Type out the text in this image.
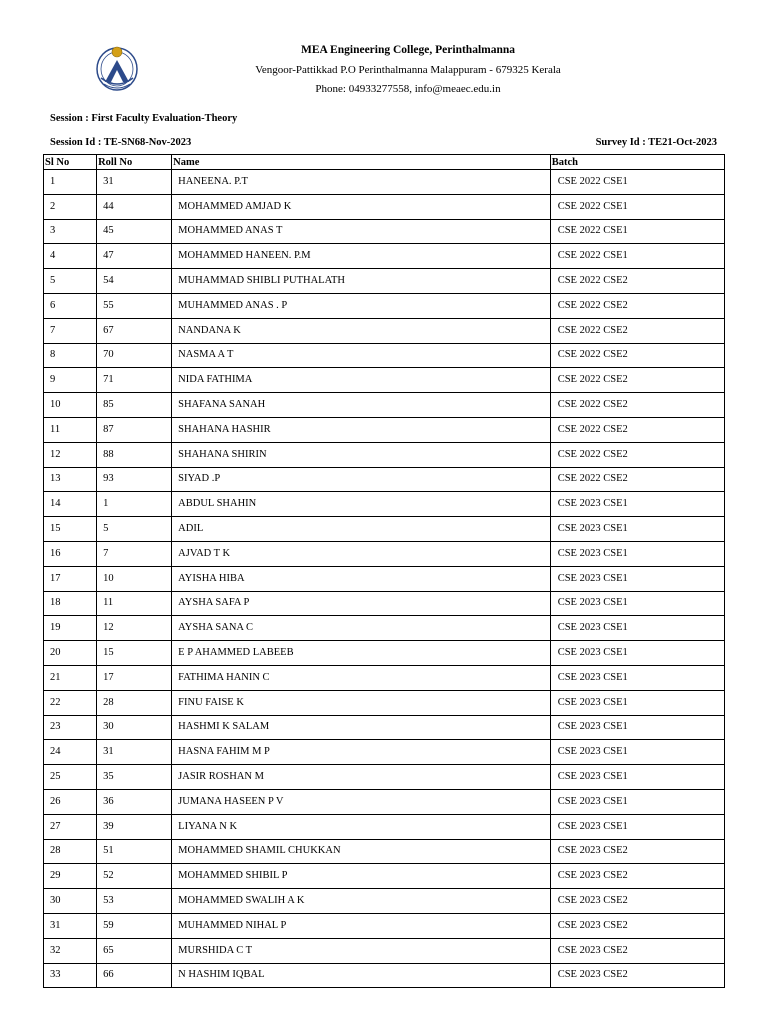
MEA Engineering College, Perinthalmanna
Vengoor-Pattikkad P.O Perinthalmanna Malappuram - 679325 Kerala
Phone: 04933277558, info@meaec.edu.in
Session : First Faculty Evaluation-Theory
Session Id : TE-SN68-Nov-2023	Survey Id : TE21-Oct-2023
Sl No	Roll No	Name	Batch
1	31	HANEENA. P.T	CSE 2022 CSE1
2	44	MOHAMMED AMJAD K	CSE 2022 CSE1
3	45	MOHAMMED ANAS T	CSE 2022 CSE1
4	47	MOHAMMED HANEEN. P.M	CSE 2022 CSE1
5	54	MUHAMMAD SHIBLI PUTHALATH	CSE 2022 CSE2
6	55	MUHAMMED ANAS . P	CSE 2022 CSE2
7	67	NANDANA K	CSE 2022 CSE2
8	70	NASMA A T	CSE 2022 CSE2
9	71	NIDA FATHIMA	CSE 2022 CSE2
10	85	SHAFANA SANAH	CSE 2022 CSE2
11	87	SHAHANA HASHIR	CSE 2022 CSE2
12	88	SHAHANA SHIRIN	CSE 2022 CSE2
13	93	SIYAD .P	CSE 2022 CSE2
14	1	ABDUL SHAHIN	CSE 2023 CSE1
15	5	ADIL	CSE 2023 CSE1
16	7	AJVAD T K	CSE 2023 CSE1
17	10	AYISHA HIBA	CSE 2023 CSE1
18	11	AYSHA SAFA P	CSE 2023 CSE1
19	12	AYSHA SANA C	CSE 2023 CSE1
20	15	E P AHAMMED LABEEB	CSE 2023 CSE1
21	17	FATHIMA HANIN C	CSE 2023 CSE1
22	28	FINU FAISE K	CSE 2023 CSE1
23	30	HASHMI K SALAM	CSE 2023 CSE1
24	31	HASNA FAHIM M P	CSE 2023 CSE1
25	35	JASIR ROSHAN M	CSE 2023 CSE1
26	36	JUMANA HASEEN P V	CSE 2023 CSE1
27	39	LIYANA N K	CSE 2023 CSE1
28	51	MOHAMMED SHAMIL CHUKKAN	CSE 2023 CSE2
29	52	MOHAMMED SHIBIL P	CSE 2023 CSE2
30	53	MOHAMMED SWALIH A K	CSE 2023 CSE2
31	59	MUHAMMED NIHAL P	CSE 2023 CSE2
32	65	MURSHIDA C T	CSE 2023 CSE2
33	66	N HASHIM IQBAL	CSE 2023 CSE2
